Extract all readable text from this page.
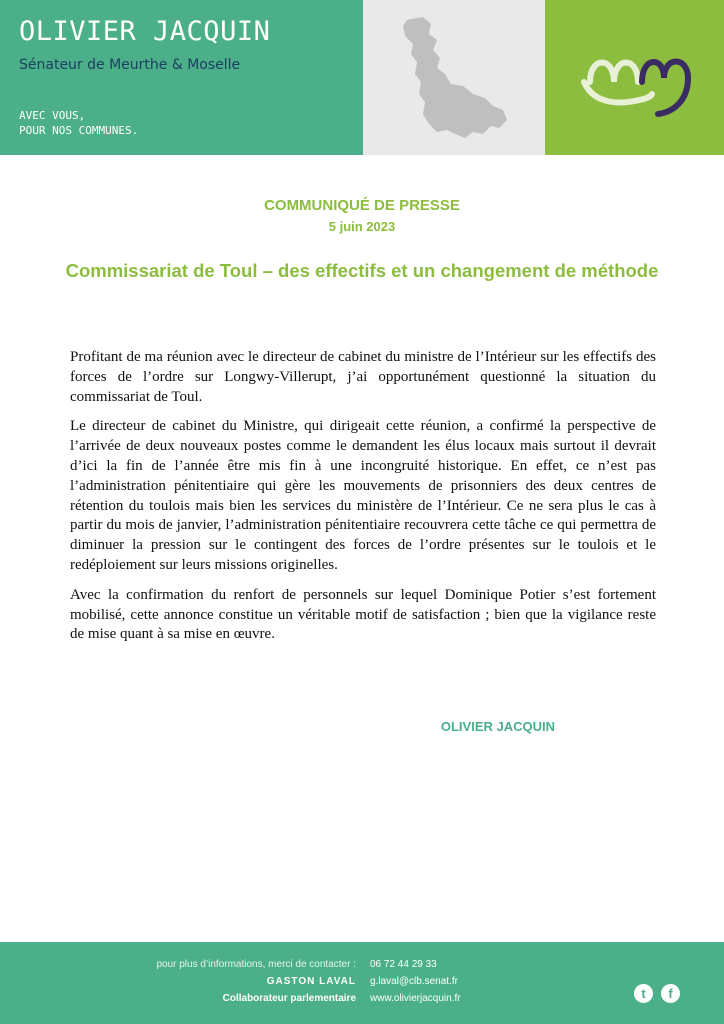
OLIVIER JACQUIN
Sénateur de Meurthe & Moselle
AVEC VOUS,
POUR NOS COMMUNES.
COMMUNIQUÉ DE PRESSE
5 juin 2023
Commissariat de Toul – des effectifs et un changement de méthode

Profitant de ma réunion avec le directeur de cabinet du ministre de l’Intérieur sur les effectifs des forces de l’ordre sur Longwy-Villerupt, j’ai opportunément questionné la situation du commissariat de Toul.

Le directeur de cabinet du Ministre, qui dirigeait cette réunion, a confirmé la perspective de l’arrivée de deux nouveaux postes comme le demandent les élus locaux mais surtout il devrait d’ici la fin de l’année être mis fin à une incongruité historique. En effet, ce n’est pas l’administration pénitentiaire qui gère les mouvements de prisonniers des deux centres de rétention du toulois mais bien les services du ministère de l’Intérieur. Ce ne sera plus le cas à partir du mois de janvier, l’administration pénitentiaire recouvrera cette tâche ce qui permettra de diminuer la pression sur le contingent des forces de l’ordre présentes sur le toulois et le redéploiement sur leurs missions originelles.

Avec la confirmation du renfort de personnels sur lequel Dominique Potier s’est fortement mobilisé, cette annonce constitue un véritable motif de satisfaction ; bien que la vigilance reste de mise quant à sa mise en œuvre.

OLIVIER JACQUIN
pour plus d’informations, merci de contacter :
GASTON LAVAL
Collaborateur parlementaire
06 72 44 29 33
g.laval@clb.senat.fr
www.olivierjacquin.fr	t	f
